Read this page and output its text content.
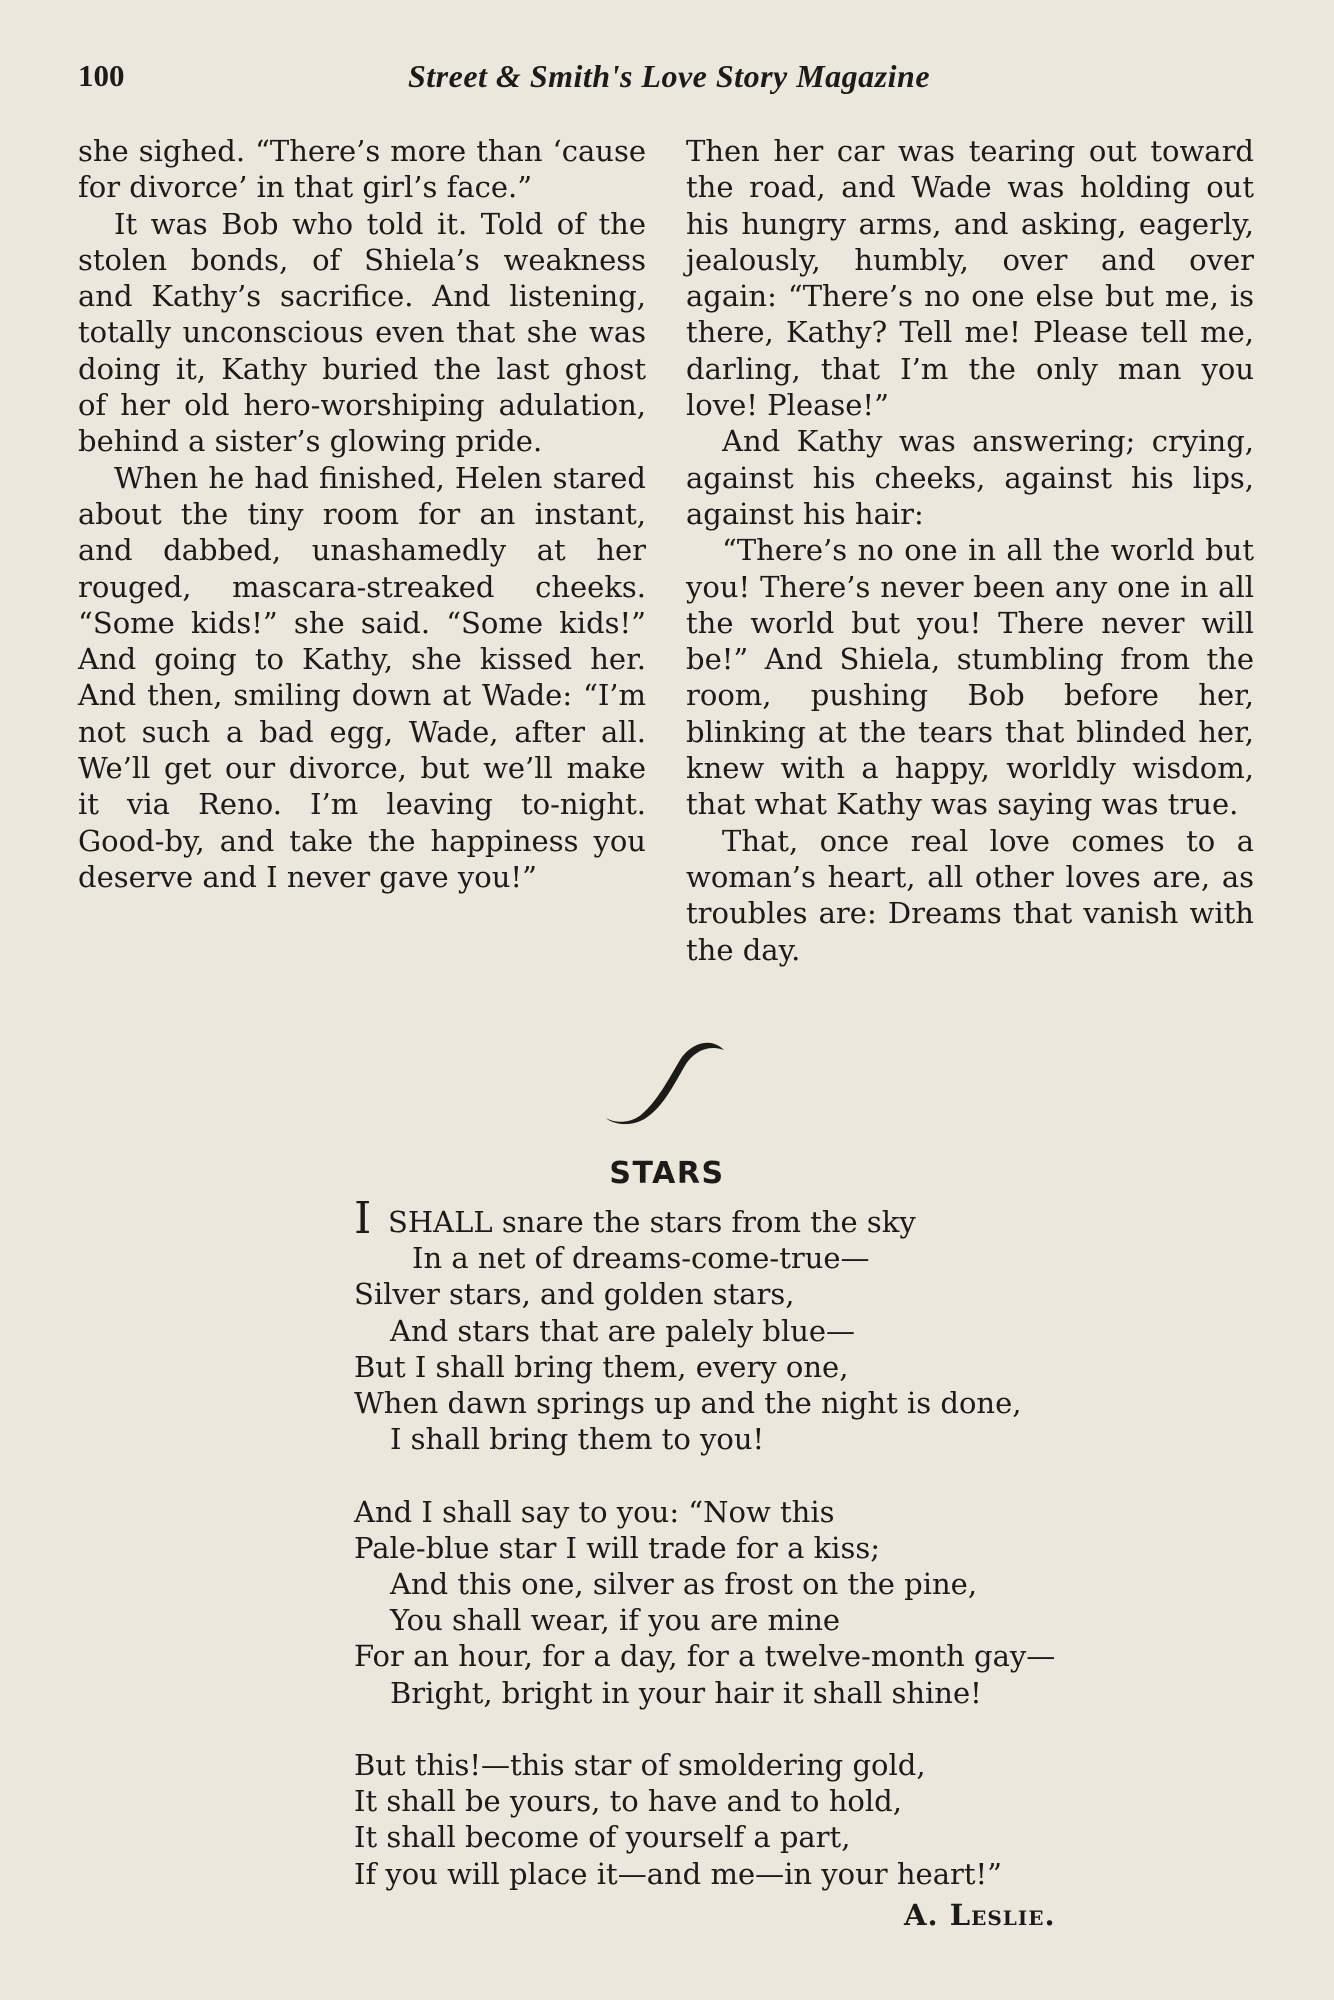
100	Street & Smith's Love Story Magazine

she sighed. “There’s more than ‘cause for divorce’ in that girl’s face.”

It was Bob who told it. Told of the stolen bonds, of Shiela’s weakness and Kathy’s sacrifice. And listening, totally unconscious even that she was doing it, Kathy buried the last ghost of her old hero-worshiping adulation, behind a sister’s glowing pride.

When he had finished, Helen stared about the tiny room for an instant, and dabbed, unashamedly at her rouged, mascara-streaked cheeks. “Some kids!” she said. “Some kids!” And going to Kathy, she kissed her. And then, smiling down at Wade: “I’m not such a bad egg, Wade, after all. We’ll get our divorce, but we’ll make it via Reno. I’m leaving to-night. Good-by, and take the happiness you deserve and I never gave you!”

Then her car was tearing out toward the road, and Wade was holding out his hungry arms, and asking, eagerly, jealously, humbly, over and over again: “There’s no one else but me, is there, Kathy? Tell me! Please tell me, darling, that I’m the only man you love! Please!”

And Kathy was answering; crying, against his cheeks, against his lips, against his hair:

“There’s no one in all the world but you! There’s never been any one in all the world but you! There never will be!” And Shiela, stumbling from the room, pushing Bob before her, blinking at the tears that blinded her, knew with a happy, worldly wisdom, that what Kathy was saying was true.

That, once real love comes to a woman’s heart, all other loves are, as troubles are: Dreams that vanish with the day.

STARS
ISHALL snare the stars from the sky
In a net of dreams-come-true—
Silver stars, and golden stars,
And stars that are palely blue—
But I shall bring them, every one,
When dawn springs up and the night is done,
I shall bring them to you!
And I shall say to you: “Now this
Pale-blue star I will trade for a kiss;
And this one, silver as frost on the pine,
You shall wear, if you are mine
For an hour, for a day, for a twelve-month gay—
Bright, bright in your hair it shall shine!
But this!—this star of smoldering gold,
It shall be yours, to have and to hold,
It shall become of yourself a part,
If you will place it—and me—in your heart!”
A. Leslie.
